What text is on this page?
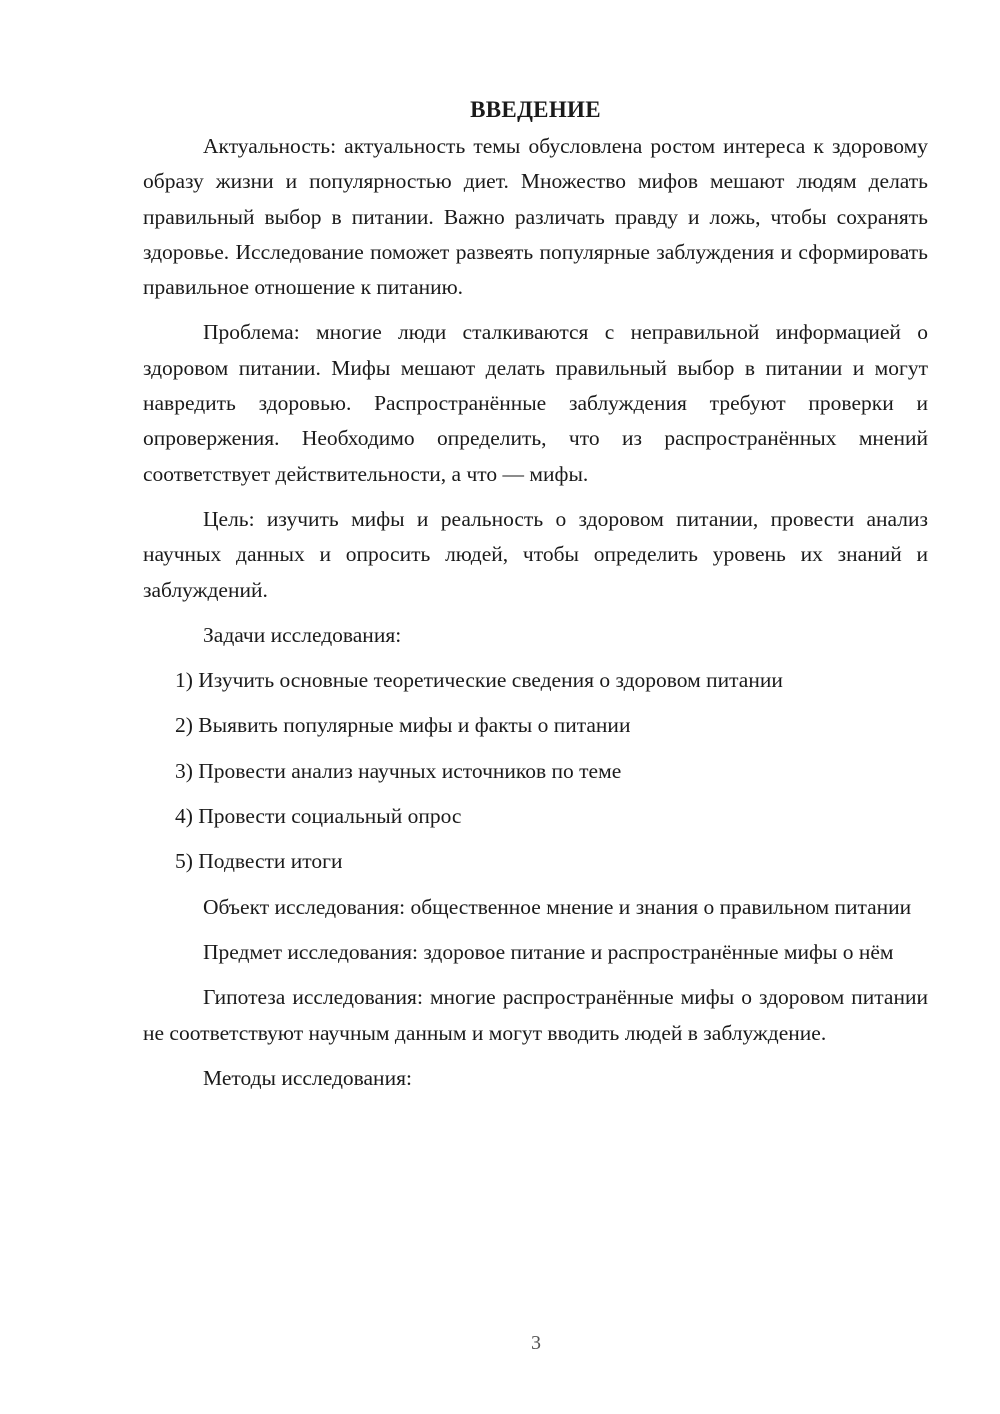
ВВЕДЕНИЕ

Актуальность: актуальность темы обусловлена ростом интереса к здоровому образу жизни и популярностью диет. Множество мифов мешают людям делать правильный выбор в питании. Важно различать правду и ложь, чтобы сохранять здоровье. Исследование поможет развеять популярные заблуждения и сформировать правильное отношение к питанию.

Проблема: многие люди сталкиваются с неправильной информацией о здоровом питании. Мифы мешают делать правильный выбор в питании и могут навредить здоровью. Распространённые заблуждения требуют проверки и опровержения. Необходимо определить, что из распространённых мнений соответствует действительности, а что — мифы.

Цель: изучить мифы и реальность о здоровом питании, провести анализ научных данных и опросить людей, чтобы определить уровень их знаний и заблуждений.

Задачи исследования:

1) Изучить основные теоретические сведения о здоровом питании
2) Выявить популярные мифы и факты о питании
3) Провести анализ научных источников по теме
4) Провести социальный опрос
5) Подвести итоги

Объект исследования: общественное мнение и знания о правильном питании

Предмет исследования: здоровое питание и распространённые мифы о нём

Гипотеза исследования: многие распространённые мифы о здоровом питании не соответствуют научным данным и могут вводить людей в заблуждение.

Методы исследования:

3
